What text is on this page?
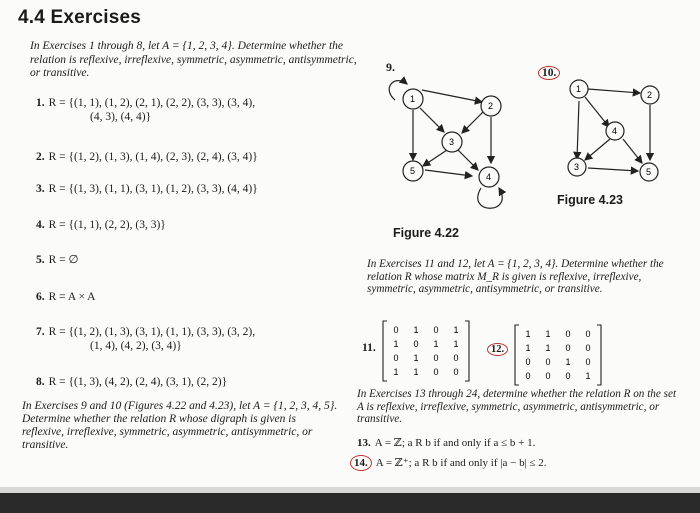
4.4 Exercises
In Exercises 1 through 8, let A = {1, 2, 3, 4}. Determine whether the relation is reflexive, irreflexive, symmetric, asymmetric, antisymmetric, or transitive.
1. R = {(1, 1), (1, 2), (2, 1), (2, 2), (3, 3), (3, 4),
(4, 3), (4, 4)}
2. R = {(1, 2), (1, 3), (1, 4), (2, 3), (2, 4), (3, 4)}
3. R = {(1, 3), (1, 1), (3, 1), (1, 2), (3, 3), (4, 4)}
4. R = {(1, 1), (2, 2), (3, 3)}
5. R = ∅
6. R = A × A
7. R = {(1, 2), (1, 3), (3, 1), (1, 1), (3, 3), (3, 2),
(1, 4), (4, 2), (3, 4)}
8. R = {(1, 3), (4, 2), (2, 4), (3, 1), (2, 2)}
In Exercises 9 and 10 (Figures 4.22 and 4.23), let A = {1, 2, 3, 4, 5}. Determine whether the relation R whose digraph is given is reflexive, irreflexive, symmetric, asymmetric, antisymmetric, or transitive.
9.
1
2
3
4
5
Figure 4.22
10.
1
2
4
3	5
Figure 4.23
In Exercises 11 and 12, let A = {1, 2, 3, 4}. Determine whether the relation R whose matrix M_R is given is reflexive, irreflexive, symmetric, asymmetric, antisymmetric, or transitive.
11.
0 1 0 1
1 0 1 1
0 1 0 0
1 1 0 0
12.
1 1 0 0
1 1 0 0
0 0 1 0
0 0 0 1
In Exercises 13 through 24, determine whether the relation R on the set A is reflexive, irreflexive, symmetric, asymmetric, antisymmetric, or transitive.
13. A = ℤ; a R b if and only if a ≤ b + 1.
14. A = ℤ⁺; a R b if and only if |a − b| ≤ 2.
